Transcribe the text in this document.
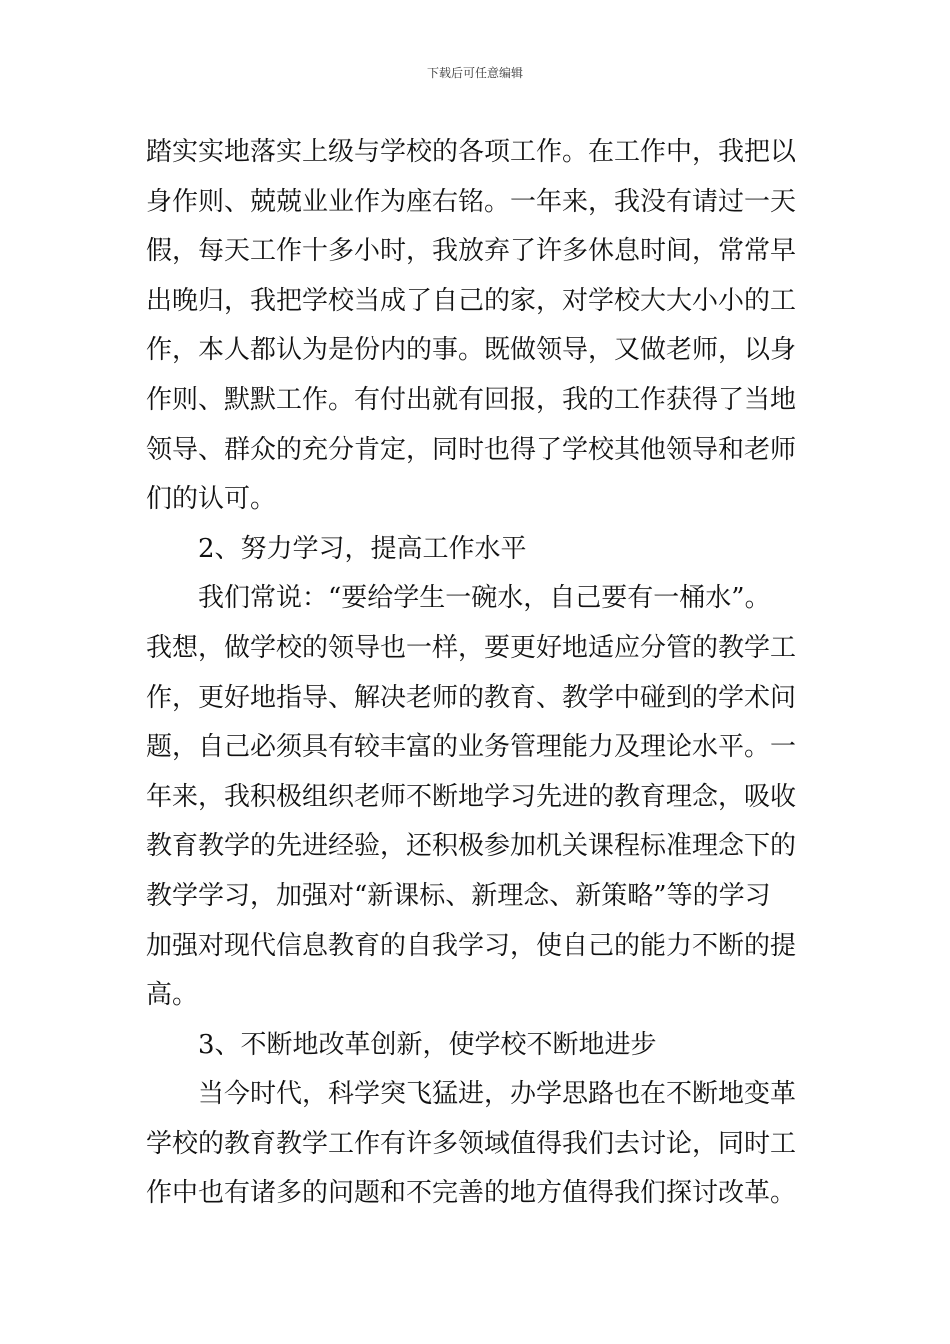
下载后可任意编辑
踏实实地落实上级与学校的各项工作。在工作中，我把以
身作则、兢兢业业作为座右铭。一年来，我没有请过一天
假，每天工作十多小时，我放弃了许多休息时间，常常早
出晚归，我把学校当成了自己的家，对学校大大小小的工
作，本人都认为是份内的事。既做领导，又做老师，以身
作则、默默工作。有付出就有回报，我的工作获得了当地
领导、群众的充分肯定，同时也得了学校其他领导和老师
们的认可。
2、努力学习，提高工作水平
我们常说：“要给学生一碗水，自己要有一桶水”。
我想，做学校的领导也一样，要更好地适应分管的教学工
作，更好地指导、解决老师的教育、教学中碰到的学术问
题，自己必须具有较丰富的业务管理能力及理论水平。一
年来，我积极组织老师不断地学习先进的教育理念，吸收
教育教学的先进经验，还积极参加机关课程标准理念下的
教学学习，加强对“新课标、新理念、新策略”等的学习
加强对现代信息教育的自我学习，使自己的能力不断的提
高。
3、不断地改革创新，使学校不断地进步
当今时代，科学突飞猛进，办学思路也在不断地变革
学校的教育教学工作有许多领域值得我们去讨论，同时工
作中也有诸多的问题和不完善的地方值得我们探讨改革。
